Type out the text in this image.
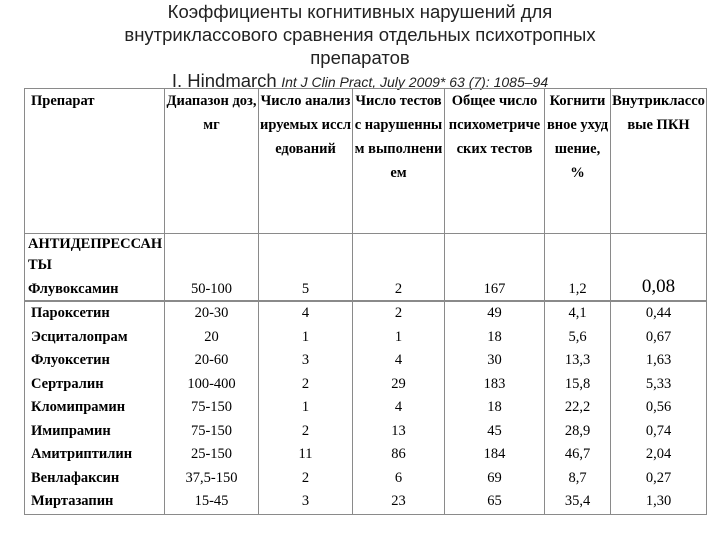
Коэффициенты когнитивных нарушений для
внутриклассового сравнения отдельных психотропных
препаратов
I. Hindmarch Int J Clin Pract, July 2009* 63 (7): 1085–94
Препарат	Диапазон доз, мг	Число анализируемых исследований	Число тестов с нарушенным выполнением	Общее число психометрических тестов	Когнитивное ухудшение, %	Внутриклассовые ПКН
АНТИДЕПРЕССАНТЫ
Флувоксамин	50-100	5	2	167	1,2	0,08
Пароксетин	20-30	4	2	49	4,1	0,44
Эсциталопрам	20	1	1	18	5,6	0,67
Флуоксетин	20-60	3	4	30	13,3	1,63
Сертралин	100-400	2	29	183	15,8	5,33
Кломипрамин	75-150	1	4	18	22,2	0,56
Имипрамин	75-150	2	13	45	28,9	0,74
Амитриптилин	25-150	11	86	184	46,7	2,04
Венлафаксин	37,5-150	2	6	69	8,7	0,27
Миртазапин	15-45	3	23	65	35,4	1,30
